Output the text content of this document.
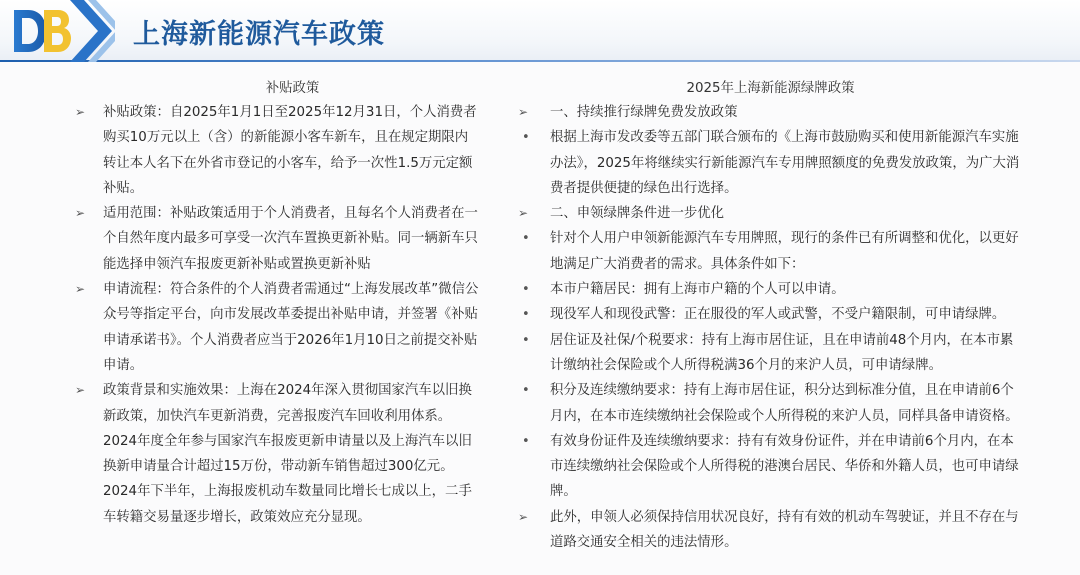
上海新能源汽车政策
补贴政策
➢	补贴政策：自2025年1月1日至2025年12月31日，个人消费者购买10万元以上（含）的新能源小客车新车，且在规定期限内转让本人名下在外省市登记的小客车，给予一次性1.5万元定额补贴。
➢	适用范围：补贴政策适用于个人消费者，且每名个人消费者在一个自然年度内最多可享受一次汽车置换更新补贴。同一辆新车只能选择申领汽车报废更新补贴或置换更新补贴
➢	申请流程：符合条件的个人消费者需通过“上海发展改革”微信公众号等指定平台，向市发展改革委提出补贴申请，并签署《补贴申请承诺书》。个人消费者应当于2026年1月10日之前提交补贴申请。
➢	政策背景和实施效果：上海在2024年深入贯彻国家汽车以旧换新政策，加快汽车更新消费，完善报废汽车回收利用体系。2024年度全年参与国家汽车报废更新申请量以及上海汽车以旧换新申请量合计超过15万份，带动新车销售超过300亿元。2024年下半年，上海报废机动车数量同比增长七成以上，二手车转籍交易量逐步增长，政策效应充分显现。
2025年上海新能源绿牌政策
➢	一、持续推行绿牌免费发放政策
•	根据上海市发改委等五部门联合颁布的《上海市鼓励购买和使用新能源汽车实施办法》，2025年将继续实行新能源汽车专用牌照额度的免费发放政策，为广大消费者提供便捷的绿色出行选择。
➢	二、申领绿牌条件进一步优化
•	针对个人用户申领新能源汽车专用牌照，现行的条件已有所调整和优化，以更好地满足广大消费者的需求。具体条件如下：
•	本市户籍居民：拥有上海市户籍的个人可以申请。
•	现役军人和现役武警：正在服役的军人或武警，不受户籍限制，可申请绿牌。
•	居住证及社保/个税要求：持有上海市居住证，且在申请前48个月内，在本市累计缴纳社会保险或个人所得税满36个月的来沪人员，可申请绿牌。
•	积分及连续缴纳要求：持有上海市居住证，积分达到标准分值，且在申请前6个月内，在本市连续缴纳社会保险或个人所得税的来沪人员，同样具备申请资格。
•	有效身份证件及连续缴纳要求：持有有效身份证件，并在申请前6个月内，在本市连续缴纳社会保险或个人所得税的港澳台居民、华侨和外籍人员，也可申请绿牌。
➢	此外，申领人必须保持信用状况良好，持有有效的机动车驾驶证，并且不存在与道路交通安全相关的违法情形。
